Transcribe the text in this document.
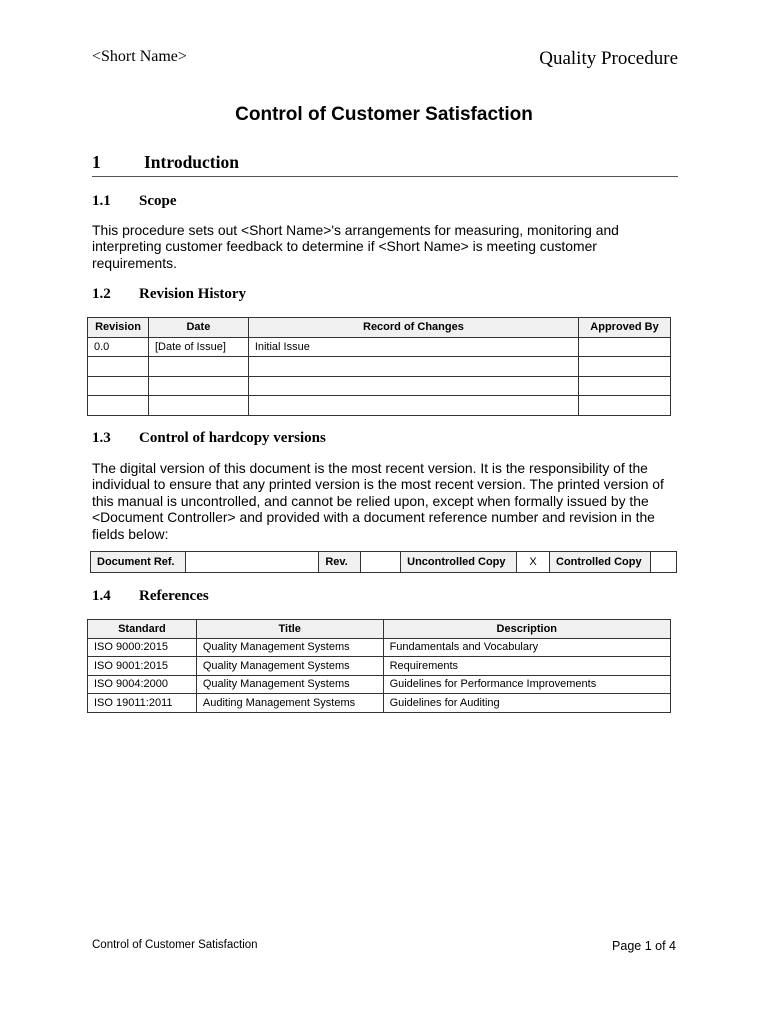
<Short Name>	Quality Procedure
Control of Customer Satisfaction
1 Introduction
1.1 Scope
This procedure sets out <Short Name>'s arrangements for measuring, monitoring and interpreting customer feedback to determine if <Short Name> is meeting customer requirements.
1.2 Revision History
Revision	Date	Record of Changes	Approved By
0.0	[Date of Issue]	Initial Issue	

1.3 Control of hardcopy versions
The digital version of this document is the most recent version. It is the responsibility of the individual to ensure that any printed version is the most recent version. The printed version of this manual is uncontrolled, and cannot be relied upon, except when formally issued by the <Document Controller> and provided with a document reference number and revision in the fields below:
Document Ref.		Rev.		Uncontrolled Copy	X	Controlled Copy	
1.4 References
Standard	Title	Description
ISO 9000:2015	Quality Management Systems	Fundamentals and Vocabulary
ISO 9001:2015	Quality Management Systems	Requirements
ISO 9004:2000	Quality Management Systems	Guidelines for Performance Improvements
ISO 19011:2011	Auditing Management Systems	Guidelines for Auditing
Control of Customer Satisfaction	Page 1 of 4
